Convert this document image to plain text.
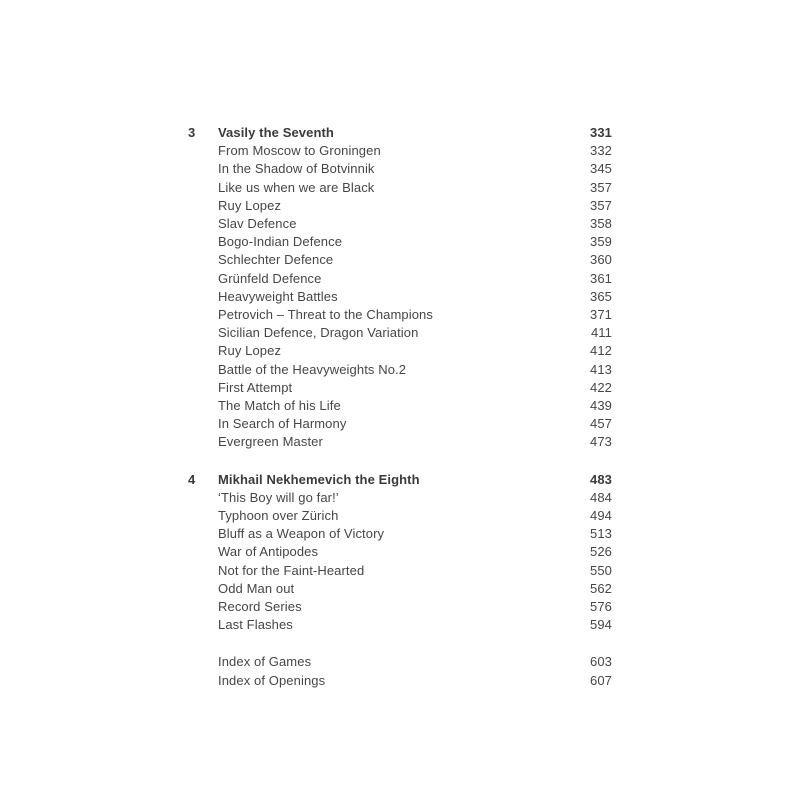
3	Vasily the Seventh	331
From Moscow to Groningen	332
In the Shadow of Botvinnik	345
Like us when we are Black	357
Ruy Lopez	357
Slav Defence	358
Bogo-Indian Defence	359
Schlechter Defence	360
Grünfeld Defence	361
Heavyweight Battles	365
Petrovich – Threat to the Champions	371
Sicilian Defence, Dragon Variation	411
Ruy Lopez	412
Battle of the Heavyweights No.2	413
First Attempt	422
The Match of his Life	439
In Search of Harmony	457
Evergreen Master	473
4	Mikhail Nekhemevich the Eighth	483
‘This Boy will go far!’	484
Typhoon over Zürich	494
Bluff as a Weapon of Victory	513
War of Antipodes	526
Not for the Faint-Hearted	550
Odd Man out	562
Record Series	576
Last Flashes	594
Index of Games	603
Index of Openings	607
